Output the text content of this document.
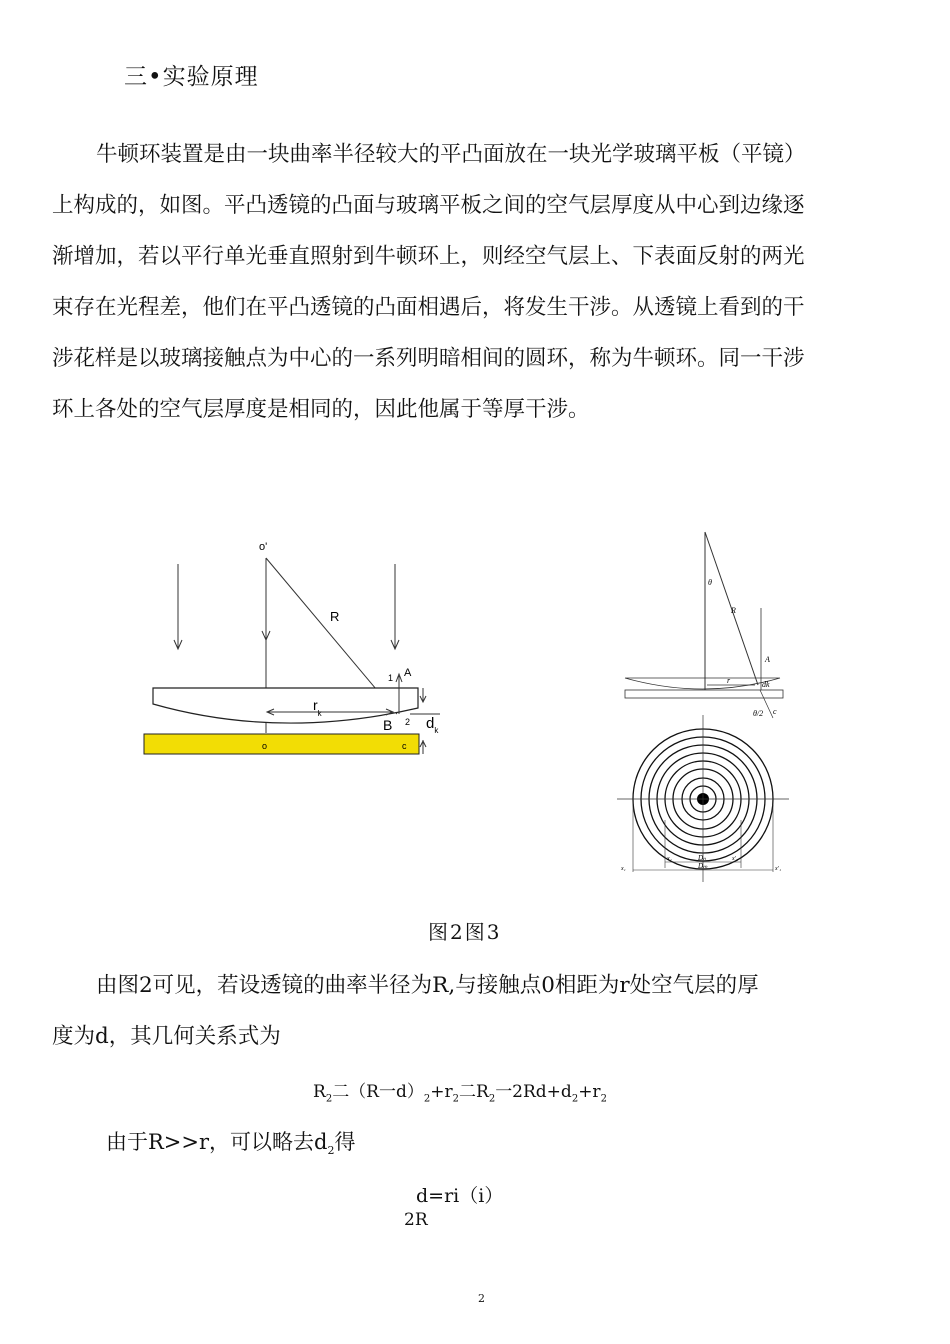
三•实验原理
牛顿环装置是由一块曲率半径较大的平凸面放在一块光学玻璃平板（平镜）
上构成的，如图。平凸透镜的凸面与玻璃平板之间的空气层厚度从中心到边缘逐
渐增加，若以平行单光垂直照射到牛顿环上，则经空气层上、下表面反射的两光
束存在光程差，他们在平凸透镜的凸面相遇后，将发生干涉。从透镜上看到的干
涉花样是以玻璃接触点为中心的一系列明暗相间的圆环，称为牛顿环。同一干涉
环上各处的空气层厚度是相同的，因此他属于等厚干涉。
o'
R
1 A
$r_k$
B 2
o	c
$d_k$
θ
R
A
r	dk
θ/2 c
x₂	Dₙ	x'₂
x₁	Dₘ	x'₁
图2图3
由图2可见，若设透镜的曲率半径为R,与接触点0相距为r处空气层的厚
度为d，其几何关系式为
$R_2$二（R一$d)_2+r_2$二$R_2$一$2Rd+d_2+r_2$
由于R>>r，可以略去$d_2$得
d=ri（i）
2R
2
